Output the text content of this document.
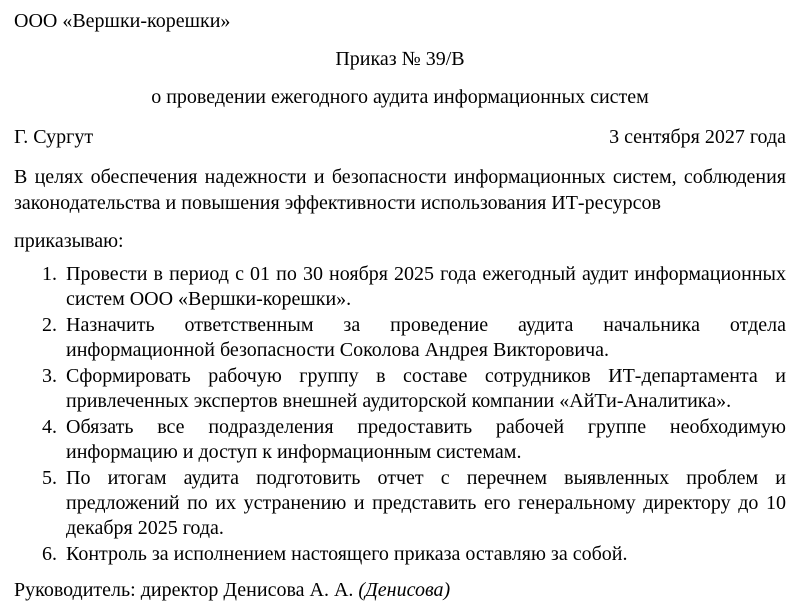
ООО «Вершки-корешки»
Приказ № 39/В
о проведении ежегодного аудита информационных систем
Г. Сургут	3 сентября 2027 года
В целях обеспечения надежности и безопасности информационных систем, соблюдения законодательства и повышения эффективности использования ИТ-ресурсов
приказываю:
1. Провести в период с 01 по 30 ноября 2025 года ежегодный аудит информационных систем ООО «Вершки-корешки».
2. Назначить ответственным за проведение аудита начальника отдела информационной безопасности Соколова Андрея Викторовича.
3. Сформировать рабочую группу в составе сотрудников ИТ-департамента и привлеченных экспертов внешней аудиторской компании «АйТи-Аналитика».
4. Обязать все подразделения предоставить рабочей группе необходимую информацию и доступ к информационным системам.
5. По итогам аудита подготовить отчет с перечнем выявленных проблем и предложений по их устранению и представить его генеральному директору до 10 декабря 2025 года.
6. Контроль за исполнением настоящего приказа оставляю за собой.
Руководитель: директор Денисова А. А. (Денисова)
